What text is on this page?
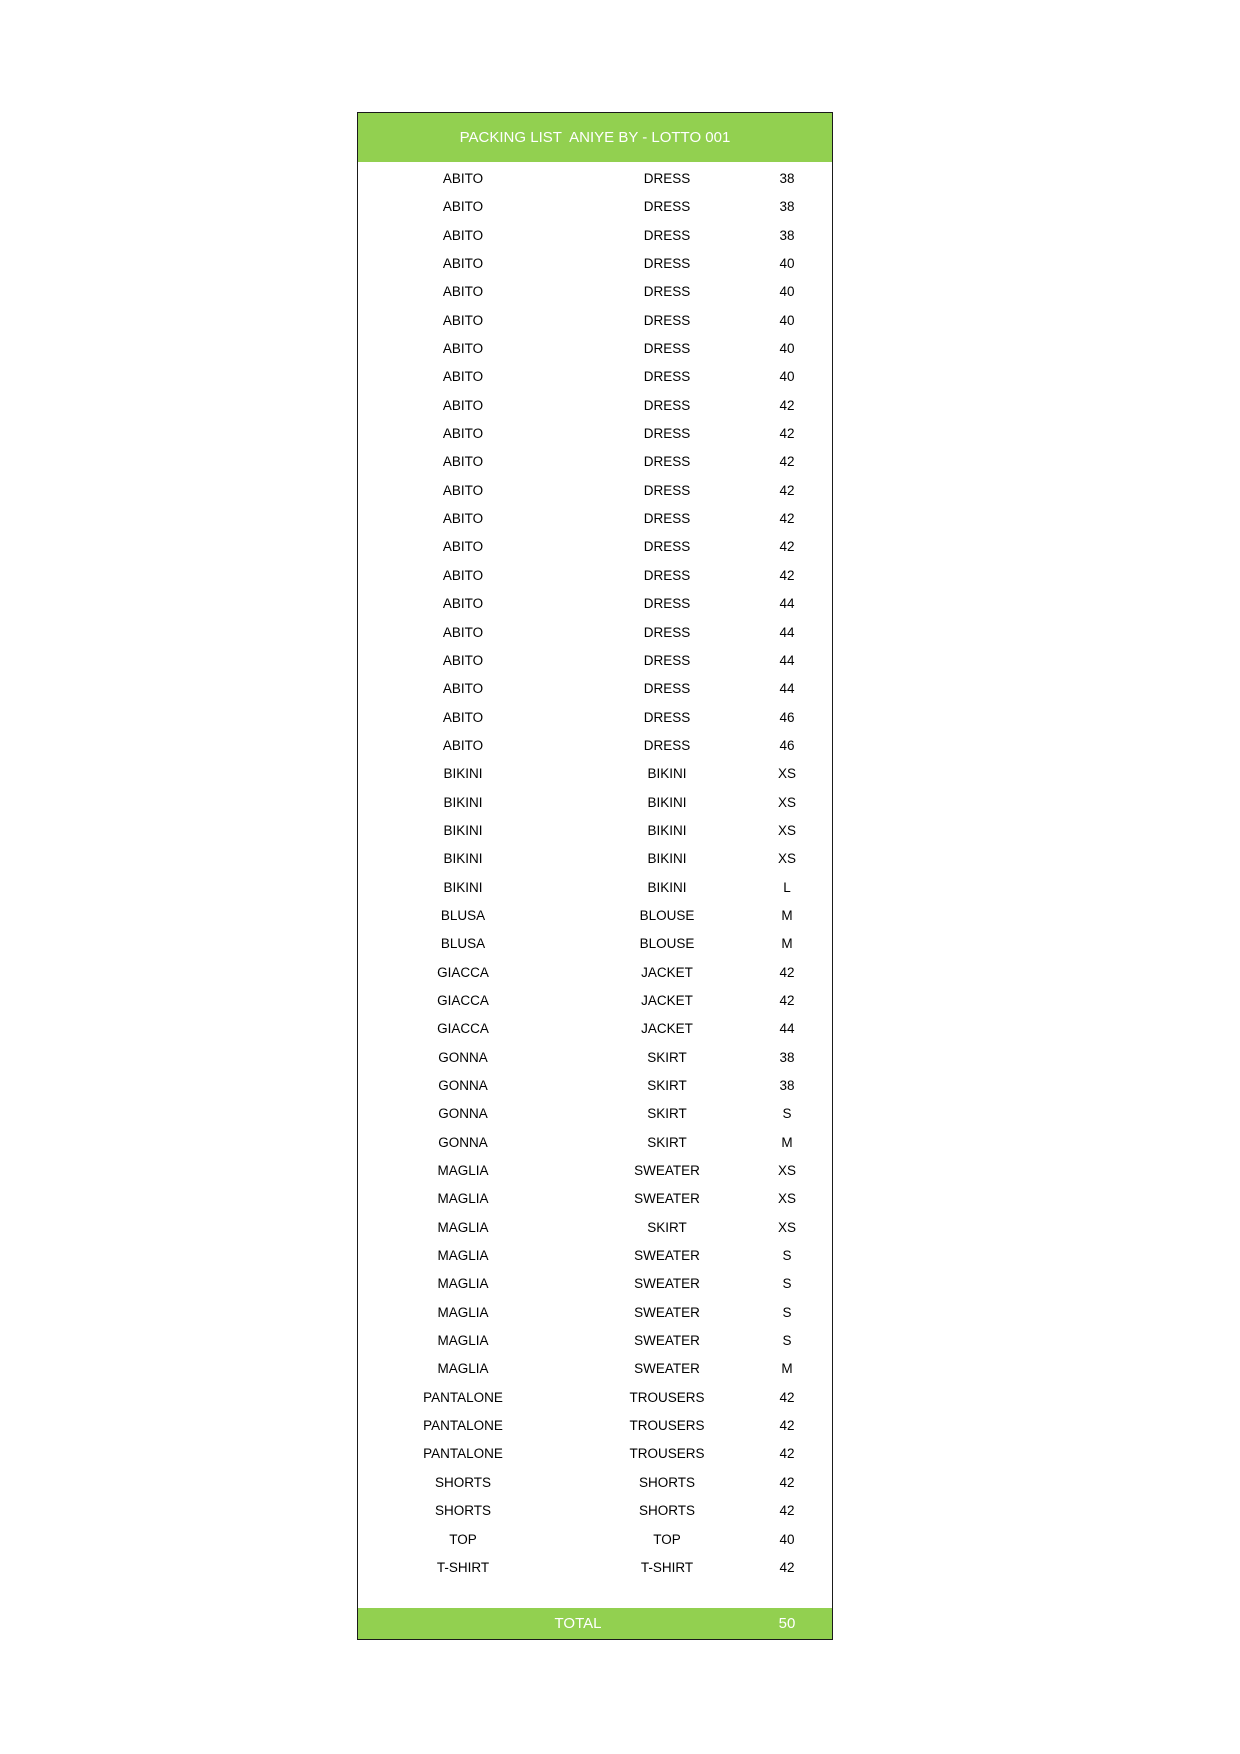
PACKING LIST  ANIYE BY - LOTTO 001
ABITO	DRESS	38
ABITO	DRESS	38
ABITO	DRESS	38
ABITO	DRESS	40
ABITO	DRESS	40
ABITO	DRESS	40
ABITO	DRESS	40
ABITO	DRESS	40
ABITO	DRESS	42
ABITO	DRESS	42
ABITO	DRESS	42
ABITO	DRESS	42
ABITO	DRESS	42
ABITO	DRESS	42
ABITO	DRESS	42
ABITO	DRESS	44
ABITO	DRESS	44
ABITO	DRESS	44
ABITO	DRESS	44
ABITO	DRESS	46
ABITO	DRESS	46
BIKINI	BIKINI	XS
BIKINI	BIKINI	XS
BIKINI	BIKINI	XS
BIKINI	BIKINI	XS
BIKINI	BIKINI	L
BLUSA	BLOUSE	M
BLUSA	BLOUSE	M
GIACCA	JACKET	42
GIACCA	JACKET	42
GIACCA	JACKET	44
GONNA	SKIRT	38
GONNA	SKIRT	38
GONNA	SKIRT	S
GONNA	SKIRT	M
MAGLIA	SWEATER	XS
MAGLIA	SWEATER	XS
MAGLIA	SKIRT	XS
MAGLIA	SWEATER	S
MAGLIA	SWEATER	S
MAGLIA	SWEATER	S
MAGLIA	SWEATER	S
MAGLIA	SWEATER	M
PANTALONE	TROUSERS	42
PANTALONE	TROUSERS	42
PANTALONE	TROUSERS	42
SHORTS	SHORTS	42
SHORTS	SHORTS	42
TOP	TOP	40
T-SHIRT	T-SHIRT	42
TOTAL	50
